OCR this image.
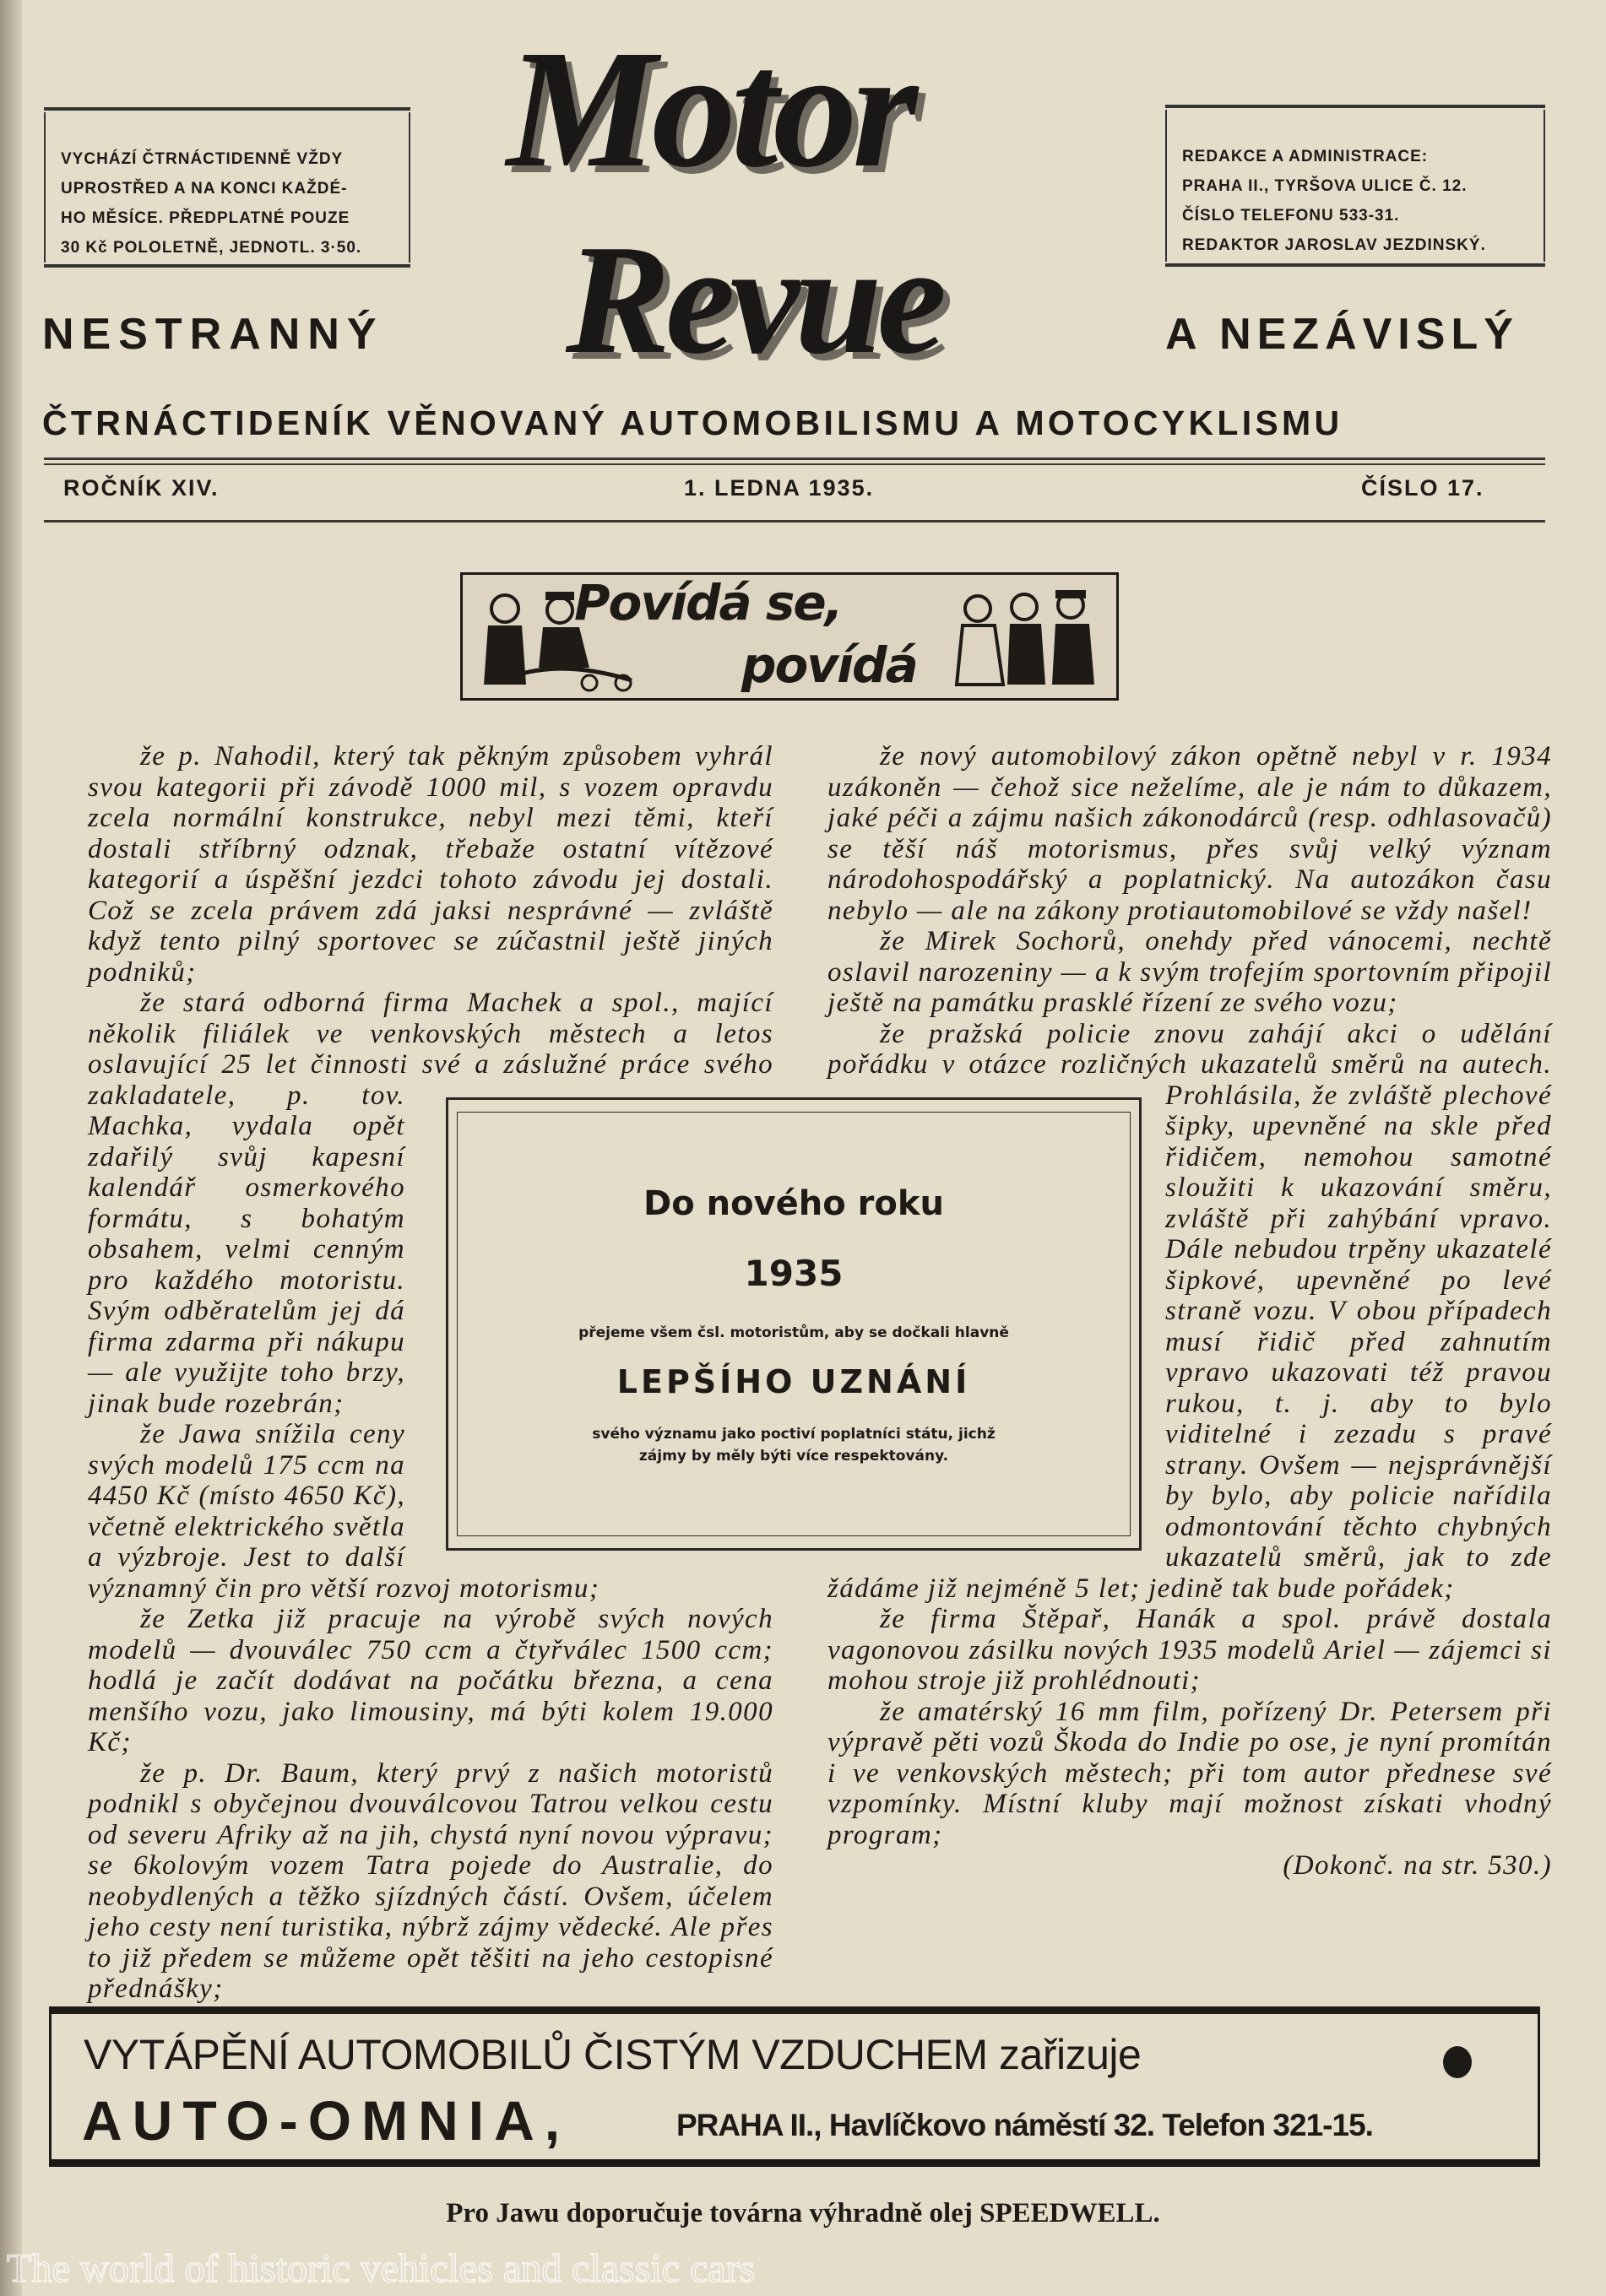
VYCHÁZÍ ČTRNÁCTIDENNĚ VŽDY
UPROSTŘED A NA KONCI KAŽDÉ-
HO MĚSÍCE. PŘEDPLATNÉ POUZE
30 Kč POLOLETNĚ, JEDNOTL. 3·50.
REDAKCE A ADMINISTRACE:
PRAHA II., TYRŠOVA ULICE Č. 12.
ČÍSLO TELEFONU 533-31.
REDAKTOR JAROSLAV JEZDINSKÝ.
Motor
Revue
NESTRANNÝ	A NEZÁVISLÝ
ČTRNÁCTIDENÍK VĚNOVANÝ AUTOMOBILISMU A MOTOCYKLISMU
ROČNÍK XIV.	1. LEDNA 1935.	ČÍSLO 17.
Povídá se,
povídá

že p. Nahodil, který tak pěkným způsobem vyhrál svou kategorii při závodě 1000 mil, s vozem opravdu zcela normální konstrukce, nebyl mezi těmi, kteří dostali stříbrný odznak, třebaže ostatní vítězové kategorií a úspěšní jezdci tohoto závodu jej dostali. Což se zcela právem zdá jaksi nesprávné — zvláště když tento pilný sportovec se zúčastnil ještě jiných podniků;

že stará odborná firma Machek a spol., mající několik filiálek ve venkovských městech a letos oslavující 25 let činnosti své a záslužné práce svého zakladatele, p. tov. Machka, vydala opět zdařilý svůj kapesní kalendář osmerkového formátu, s bohatým obsahem, velmi cenným pro každého motoristu. Svým odběratelům jej dá firma zdarma při nákupu — ale využijte toho brzy, jinak bude rozebrán;

že Jawa snížila ceny svých modelů 175 ccm na 4450 Kč (místo 4650 Kč), včetně elektrického světla a výzbroje. Jest to další významný čin pro větší rozvoj motorismu;

že Zetka již pracuje na výrobě svých nových modelů — dvouválec 750 ccm a čtyřválec 1500 ccm; hodlá je začít dodávat na počátku března, a cena menšího vozu, jako limousiny, má býti kolem 19.000 Kč;

že p. Dr. Baum, který prvý z našich motoristů podnikl s obyčejnou dvouválcovou Tatrou velkou cestu od severu Afriky až na jih, chystá nyní novou výpravu; se 6kolovým vozem Tatra pojede do Australie, do neobydlených a těžko sjízdných částí. Ovšem, účelem jeho cesty není turistika, nýbrž zájmy vědecké. Ale přes to již předem se můžeme opět těšiti na jeho cestopisné přednášky;

že nový automobilový zákon opětně nebyl v r. 1934 uzákoněn — čehož sice neželíme, ale je nám to důkazem, jaké péči a zájmu našich zákonodárců (resp. odhlasovačů) se těší náš motorismus, přes svůj velký význam národohospodářský a poplatnický. Na autozákon času nebylo — ale na zákony protiautomobilové se vždy našel!

že Mirek Sochorů, onehdy před vánocemi, nechtě oslavil narozeniny — a k svým trofejím sportovním připojil ještě na památku prasklé řízení ze svého vozu;

že pražská policie znovu zahájí akci o udělání pořádku v otázce rozličných ukazatelů směrů na autech. Prohlásila, že zvláště plechové šipky, upevněné na skle před řidičem, nemohou samotné sloužiti k ukazování směru, zvláště při zahýbání vpravo. Dále nebudou trpěny ukazatelé šipkové, upevněné po levé straně vozu. V obou případech musí řidič před zahnutím vpravo ukazovati též pravou rukou, t. j. aby to bylo viditelné i zezadu s pravé strany. Ovšem — nejsprávnější by bylo, aby policie nařídila odmontování těchto chybných ukazatelů směrů, jak to zde žádáme již nejméně 5 let; jedině tak bude pořádek;

že firma Štěpař, Hanák a spol. právě dostala vagonovou zásilku nových 1935 modelů Ariel — zájemci si mohou stroje již prohlédnouti;

že amatérský 16 mm film, pořízený Dr. Petersem při výpravě pěti vozů Škoda do Indie po ose, je nyní promítán i ve venkovských městech; při tom autor přednese své vzpomínky. Místní kluby mají možnost získati vhodný program;

(Dokonč. na str. 530.)
Do nového roku
1935
přejeme všem čsl. motoristům, aby se dočkali hlavně
LEPŠÍHO UZNÁNÍ
svého významu jako poctiví poplatníci státu, jichž
zájmy by měly býti více respektovány.
VYTÁPĚNÍ AUTOMOBILŮ ČISTÝM VZDUCHEM zařizuje
AUTO-OMNIA,	PRAHA II., Havlíčkovo náměstí 32. Telefon 321-15.
Pro Jawu doporučuje továrna výhradně olej SPEEDWELL.
The world of historic vehicles and classic cars
